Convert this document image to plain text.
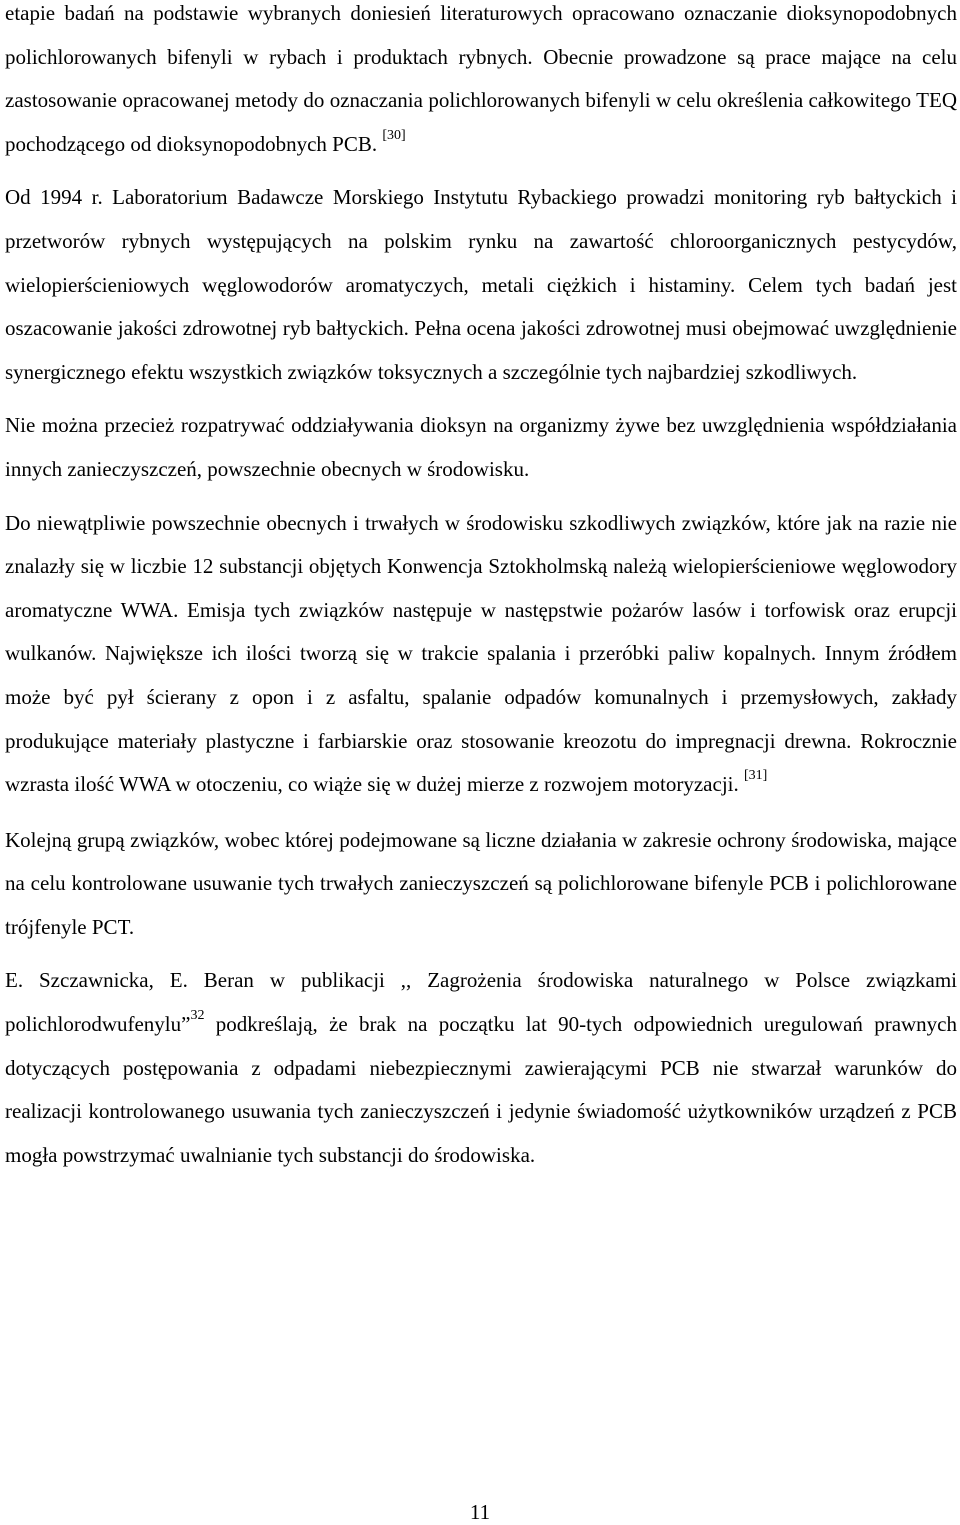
etapie badań na podstawie wybranych doniesień literaturowych opracowano oznaczanie dioksynopodobnych polichlorowanych bifenyli w rybach i produktach rybnych. Obecnie prowadzone są prace mające na celu zastosowanie opracowanej metody do oznaczania polichlorowanych bifenyli w celu określenia całkowitego TEQ pochodzącego od dioksynopodobnych PCB. [30]

Od 1994 r. Laboratorium Badawcze Morskiego Instytutu Rybackiego prowadzi monitoring ryb bałtyckich i przetworów rybnych występujących na polskim rynku na zawartość chloroorganicznych pestycydów, wielopierścieniowych węglowodorów aromatyczych, metali ciężkich i histaminy. Celem tych badań jest oszacowanie jakości zdrowotnej ryb bałtyckich. Pełna ocena jakości zdrowotnej musi obejmować uwzględnienie synergicznego efektu wszystkich związków toksycznych a szczególnie tych najbardziej szkodliwych.

Nie można przecież rozpatrywać oddziaływania dioksyn na organizmy żywe bez uwzględnienia współdziałania innych zanieczyszczeń, powszechnie obecnych w środowisku.

Do niewątpliwie powszechnie obecnych i trwałych w środowisku szkodliwych związków, które jak na razie nie znalazły się w liczbie 12 substancji objętych Konwencja Sztokholmską należą wielopierścieniowe węglowodory aromatyczne WWA. Emisja tych związków następuje w następstwie pożarów lasów i torfowisk oraz erupcji wulkanów. Największe ich ilości tworzą się w trakcie spalania i przeróbki paliw kopalnych. Innym źródłem może być pył ścierany z opon i z asfaltu, spalanie odpadów komunalnych i przemysłowych, zakłady produkujące materiały plastyczne i farbiarskie oraz stosowanie kreozotu do impregnacji drewna. Rokrocznie wzrasta ilość WWA w otoczeniu, co wiąże się w dużej mierze z rozwojem motoryzacji. [31]

Kolejną grupą związków, wobec której podejmowane są liczne działania w zakresie ochrony środowiska, mające na celu kontrolowane usuwanie tych trwałych zanieczyszczeń są polichlorowane bifenyle PCB i polichlorowane trójfenyle PCT.

E. Szczawnicka, E. Beran w publikacji ,, Zagrożenia środowiska naturalnego w Polsce związkami polichlorodwufenylu”$^{32}$ podkreślają, że brak na początku lat 90-tych odpowiednich uregulowań prawnych dotyczących postępowania z odpadami niebezpiecznymi zawierającymi PCB nie stwarzał warunków do realizacji kontrolowanego usuwania tych zanieczyszczeń i jedynie świadomość użytkowników urządzeń z PCB mogła powstrzymać uwalnianie tych substancji do środowiska.

11
